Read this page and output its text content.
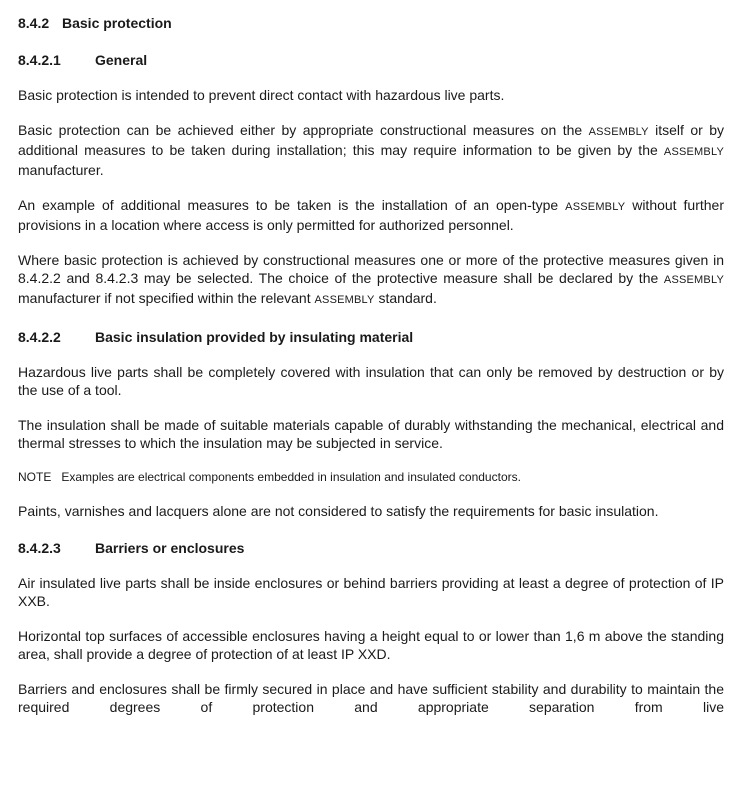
8.4.2 Basic protection
8.4.2.1	General

Basic protection is intended to prevent direct contact with hazardous live parts.

Basic protection can be achieved either by appropriate constructional measures on the ASSEMBLY itself or by additional measures to be taken during installation; this may require information to be given by the ASSEMBLY manufacturer.

An example of additional measures to be taken is the installation of an open-type ASSEMBLY without further provisions in a location where access is only permitted for authorized personnel.

Where basic protection is achieved by constructional measures one or more of the protective measures given in 8.4.2.2 and 8.4.2.3 may be selected. The choice of the protective measure shall be declared by the ASSEMBLY manufacturer if not specified within the relevant ASSEMBLY standard.

8.4.2.2	Basic insulation provided by insulating material

Hazardous live parts shall be completely covered with insulation that can only be removed by destruction or by the use of a tool.

The insulation shall be made of suitable materials capable of durably withstanding the mechanical, electrical and thermal stresses to which the insulation may be subjected in service.

NOTE Examples are electrical components embedded in insulation and insulated conductors.

Paints, varnishes and lacquers alone are not considered to satisfy the requirements for basic insulation.

8.4.2.3	Barriers or enclosures

Air insulated live parts shall be inside enclosures or behind barriers providing at least a degree of protection of IP XXB.

Horizontal top surfaces of accessible enclosures having a height equal to or lower than 1,6 m above the standing area, shall provide a degree of protection of at least IP XXD.

Barriers and enclosures shall be firmly secured in place and have sufficient stability and durability to maintain the required degrees of protection and appropriate separation from live
